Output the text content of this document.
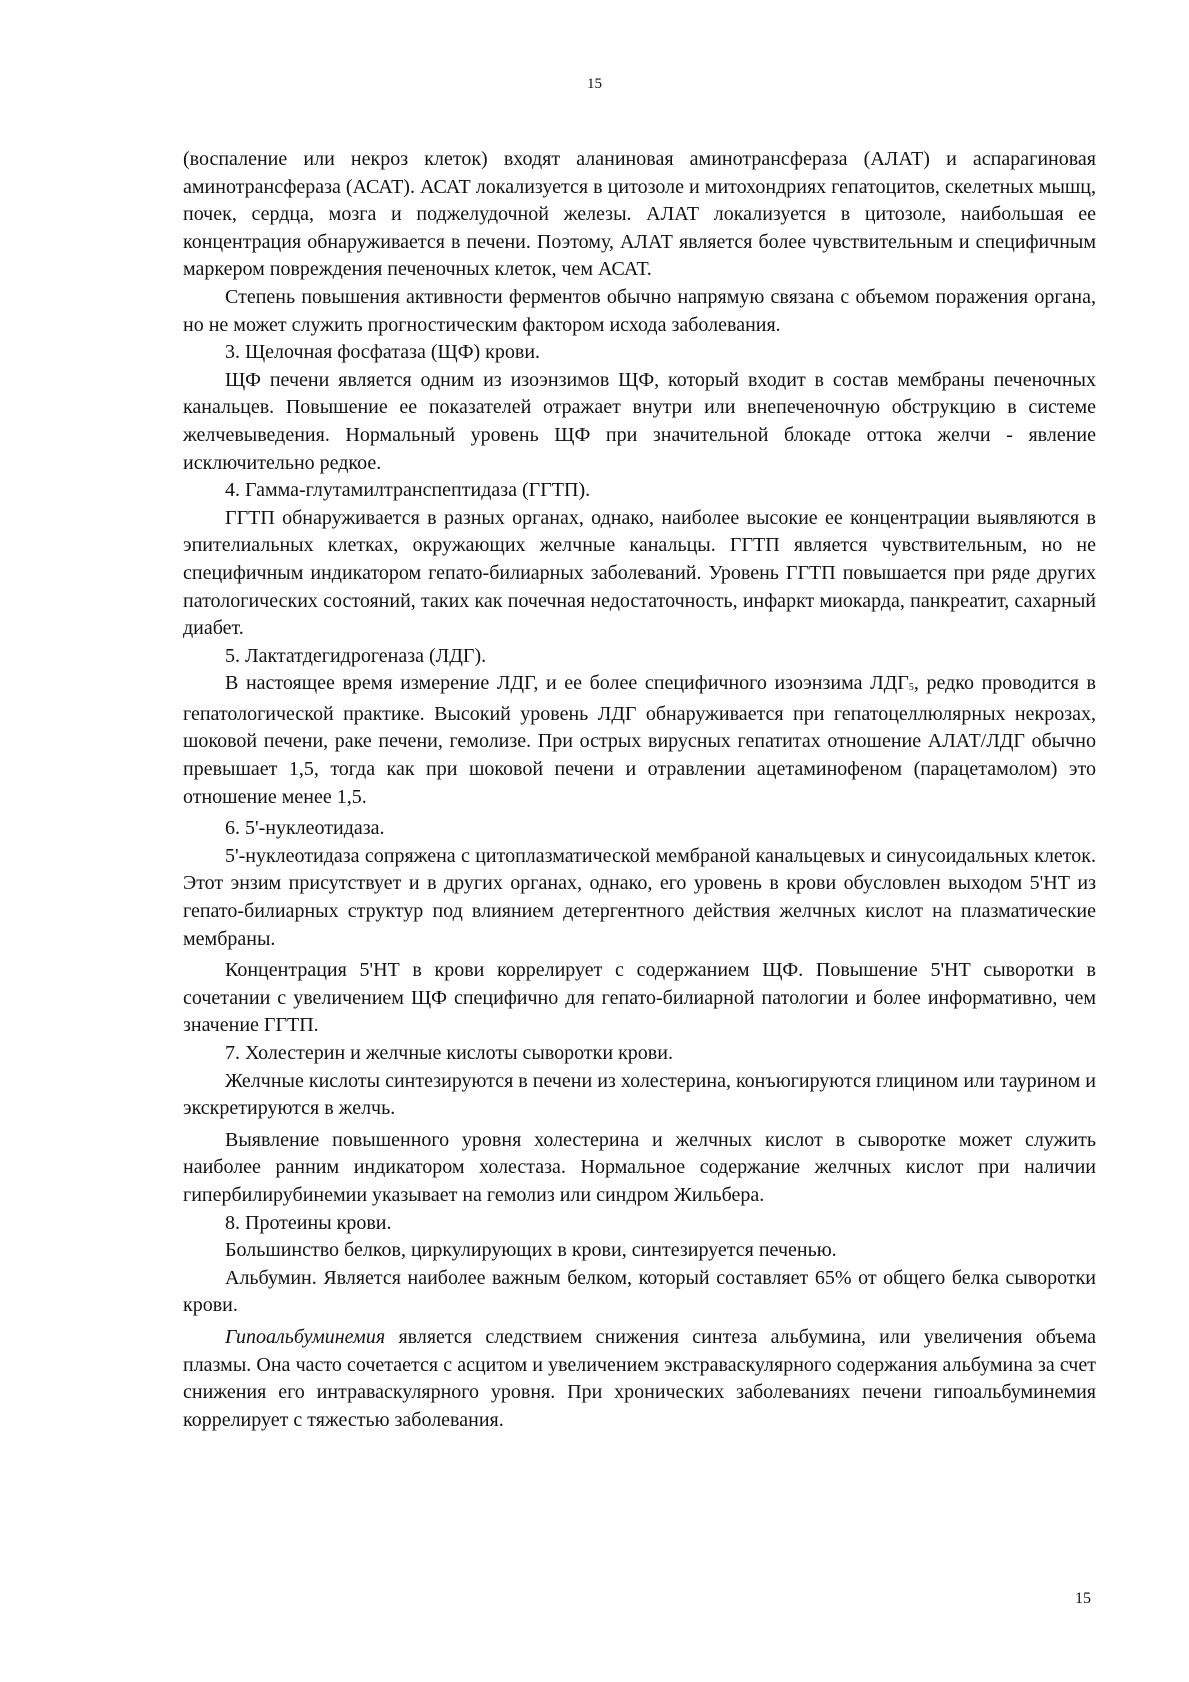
15

(воспаление или некроз клеток) входят аланиновая аминотрансфераза (АЛАТ) и аспарагиновая аминотрансфераза (АСАТ). АСАТ локализуется в цитозоле и митохондриях гепатоцитов, скелетных мышц, почек, сердца, мозга и поджелудочной железы. АЛАТ локализуется в цитозоле, наибольшая ее концентрация обнаруживается в печени. Поэтому, АЛАТ является более чувствительным и специфичным маркером повреждения печеночных клеток, чем АСАТ.

Степень повышения активности ферментов обычно напрямую связана с объемом поражения органа, но не может служить прогностическим фактором исхода заболевания.

3. Щелочная фосфатаза (ЩФ) крови.

ЩФ печени является одним из изоэнзимов ЩФ, который входит в состав мембраны печеночных канальцев. Повышение ее показателей отражает внутри или внепеченочную обструкцию в системе желчевыведения. Нормальный уровень ЩФ при значительной блокаде оттока желчи - явление исключительно редкое.

4. Гамма-глутамилтранспептидаза (ГГТП).

ГГТП обнаруживается в разных органах, однако, наиболее высокие ее концентрации выявляются в эпителиальных клетках, окружающих желчные канальцы. ГГТП является чувствительным, но не специфичным индикатором гепато-билиарных заболеваний. Уровень ГГТП повышается при ряде других патологических состояний, таких как почечная недостаточность, инфаркт миокарда, панкреатит, сахарный диабет.

5. Лактатдегидрогеназа (ЛДГ).

В настоящее время измерение ЛДГ, и ее более специфичного изоэнзима $ЛДГ_5$, редко проводится в гепатологической практике. Высокий уровень ЛДГ обнаруживается при гепатоцеллюлярных некрозах, шоковой печени, раке печени, гемолизе. При острых вирусных гепатитах отношение АЛАТ/ЛДГ обычно превышает 1,5, тогда как при шоковой печени и отравлении ацетаминофеном (парацетамолом) это отношение менее 1,5.

6. 5'-нуклеотидаза.

5'-нуклеотидаза сопряжена с цитоплазматической мембраной канальцевых и синусоидальных клеток. Этот энзим присутствует и в других органах, однако, его уровень в крови обусловлен выходом 5'НТ из гепато-билиарных структур под влиянием детергентного действия желчных кислот на плазматические мембраны.

Концентрация 5'НТ в крови коррелирует с содержанием ЩФ. Повышение 5'НТ сыворотки в сочетании с увеличением ЩФ специфично для гепато-билиарной патологии и более информативно, чем значение ГГТП.

7. Холестерин и желчные кислоты сыворотки крови.

Желчные кислоты синтезируются в печени из холестерина, конъюгируются глицином или таурином и экскретируются в желчь.

Выявление повышенного уровня холестерина и желчных кислот в сыворотке может служить наиболее ранним индикатором холестаза. Нормальное содержание желчных кислот при наличии гипербилирубинемии указывает на гемолиз или синдром Жильбера.

8. Протеины крови.

Большинство белков, циркулирующих в крови, синтезируется печенью.

Альбумин. Является наиболее важным белком, который составляет 65% от общего белка сыворотки крови.

Гипоальбуминемия является следствием снижения синтеза альбумина, или увеличения объема плазмы. Она часто сочетается с асцитом и увеличением экстраваскулярного содержания альбумина за счет снижения его интраваскулярного уровня. При хронических заболеваниях печени гипоальбуминемия коррелирует с тяжестью заболевания.

15
